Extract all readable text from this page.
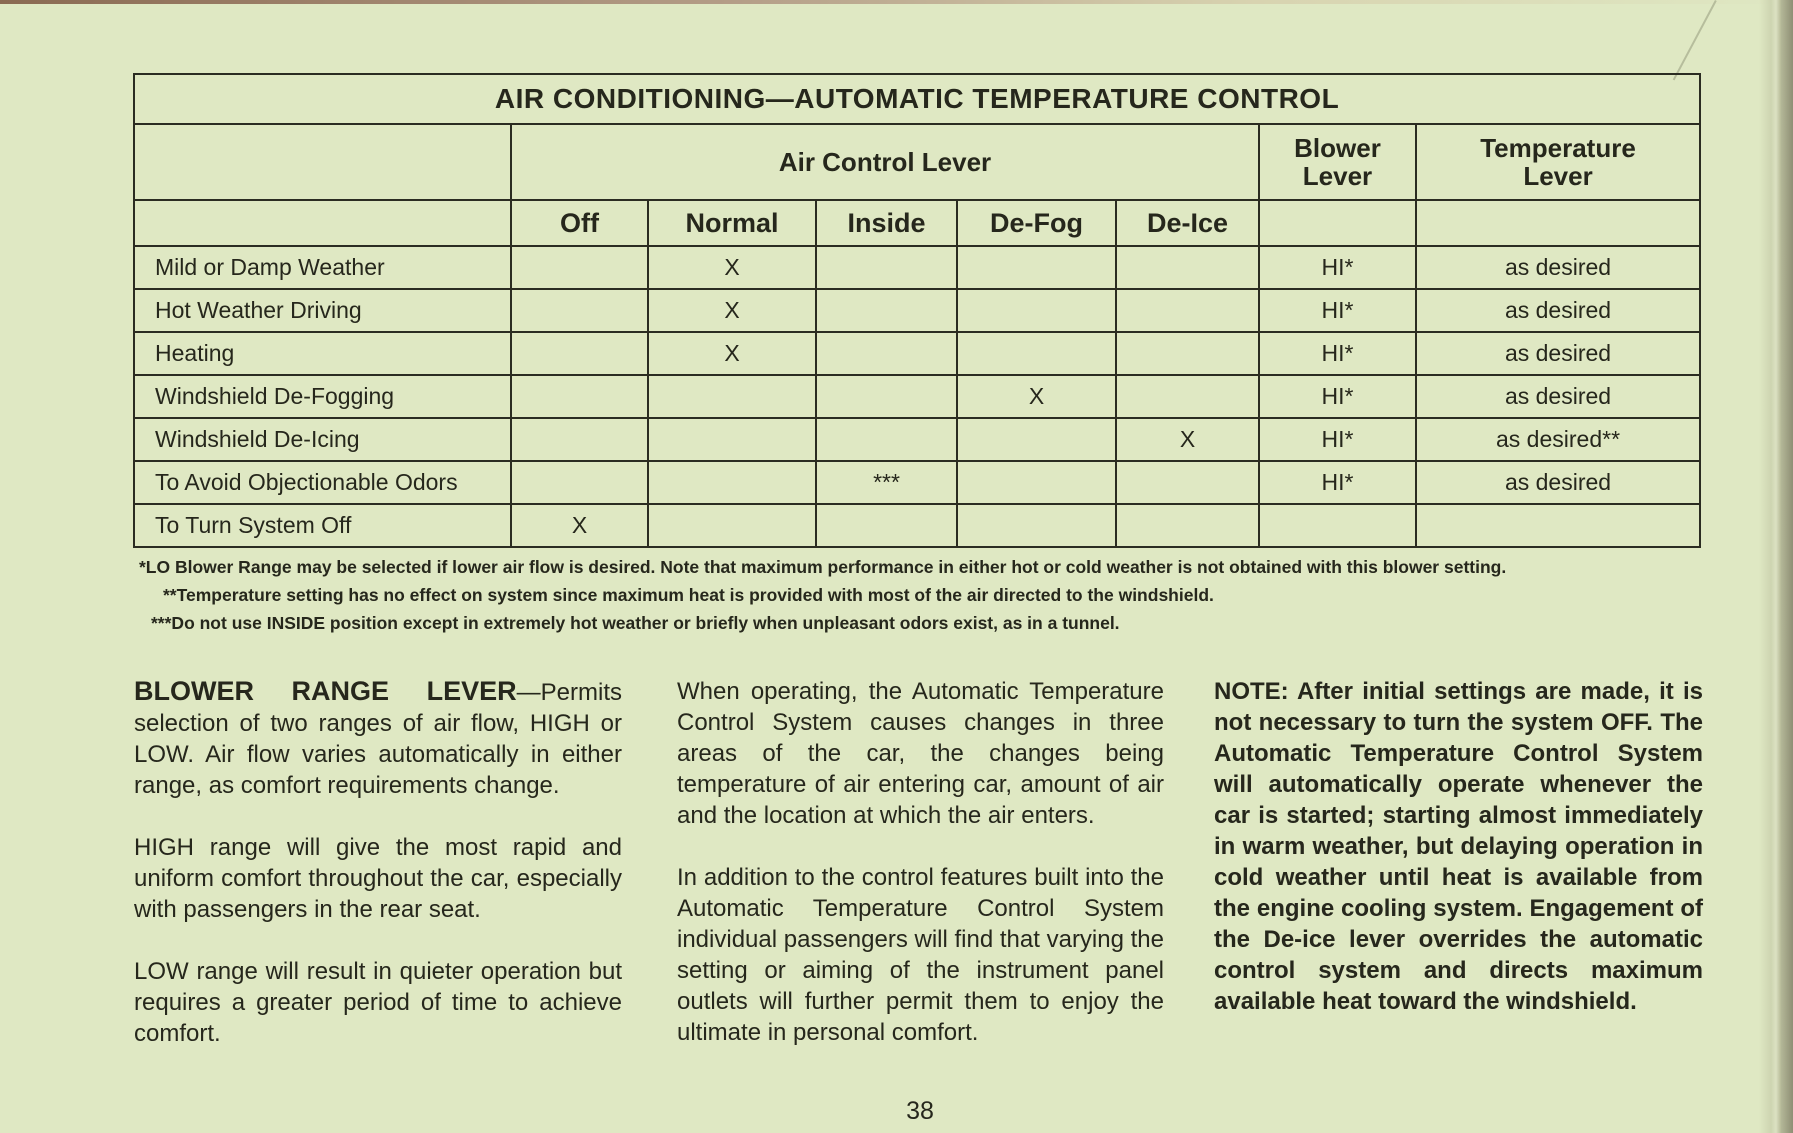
AIR CONDITIONING—AUTOMATIC TEMPERATURE CONTROL							
	Air Control Lever					Blower Lever	Temperature Lever
	Off	Normal	Inside	De-Fog	De-Ice		
Mild or Damp Weather		X				HI*	as desired
Hot Weather Driving		X				HI*	as desired
Heating		X				HI*	as desired
Windshield De-Fogging				X		HI*	as desired
Windshield De-Icing					X	HI*	as desired**
To Avoid Objectionable Odors			***			HI*	as desired
To Turn System Off	X						
*LO Blower Range may be selected if lower air flow is desired. Note that maximum performance in either hot or cold weather is not obtained with this blower setting.
**Temperature setting has no effect on system since maximum heat is provided with most of the air directed to the windshield.
***Do not use INSIDE position except in extremely hot weather or briefly when unpleasant odors exist, as in a tunnel.

BLOWER RANGE LEVER—Permits selection of two ranges of air flow, HIGH or LOW. Air flow varies automatically in either range, as comfort requirements change.

HIGH range will give the most rapid and uniform comfort throughout the car, especially with passengers in the rear seat.

LOW range will result in quieter operation but requires a greater period of time to achieve comfort.

When operating, the Automatic Temperature Control System causes changes in three areas of the car, the changes being temperature of air entering car, amount of air and the location at which the air enters.

In addition to the control features built into the Automatic Temperature Control System individual passengers will find that varying the setting or aiming of the instrument panel outlets will further permit them to enjoy the ultimate in personal comfort.

NOTE: After initial settings are made, it is not necessary to turn the system OFF. The Automatic Temperature Control System will automatically operate whenever the car is started; starting almost immediately in warm weather, but delaying operation in cold weather until heat is available from the engine cooling system. Engagement of the De-ice lever overrides the automatic control system and directs maximum available heat toward the windshield.

38
